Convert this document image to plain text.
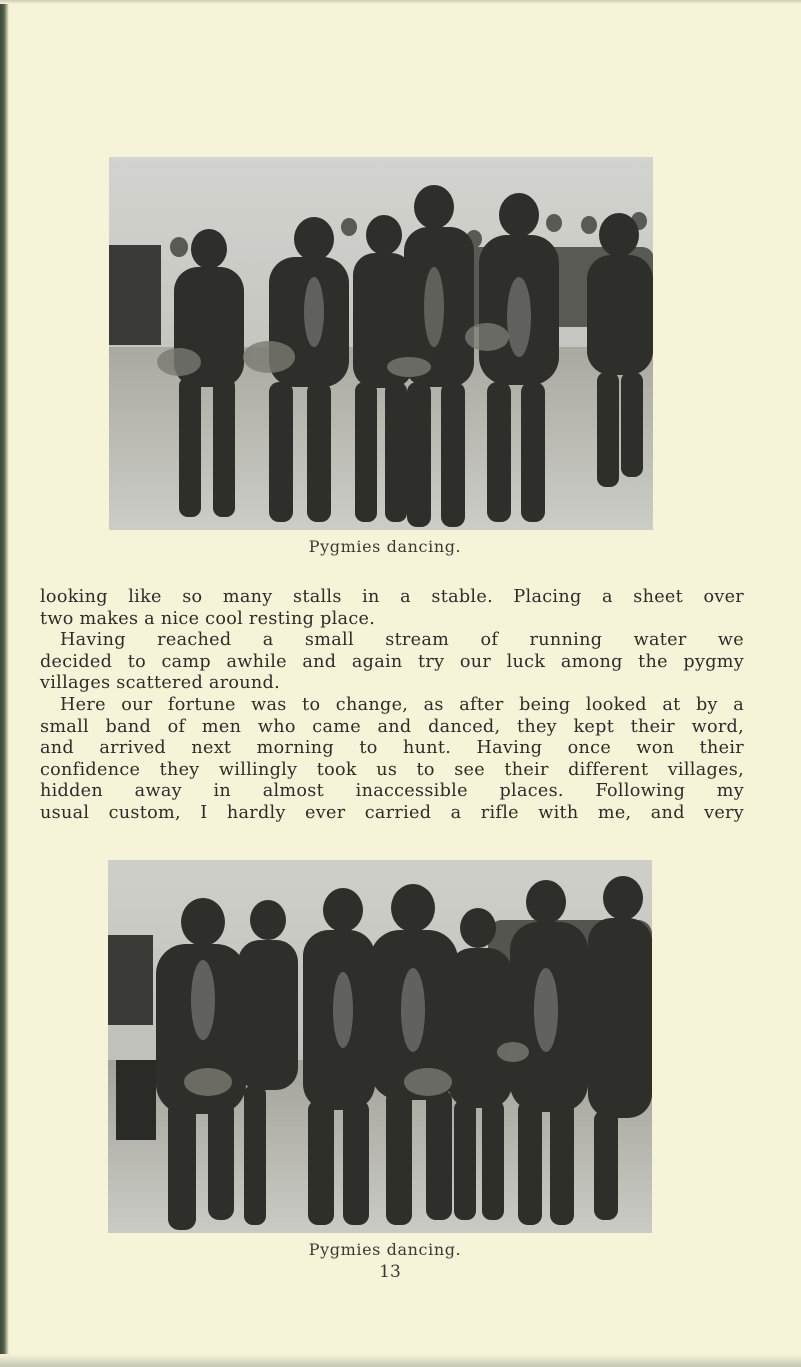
Pygmies dancing.

looking like so many stalls in a stable. Placing a sheet over

two makes a nice cool resting place.

Having reached a small stream of running water we

decided to camp awhile and again try our luck among the pygmy

villages scattered around.

Here our fortune was to change, as after being looked at by a

small band of men who came and danced, they kept their word,

and arrived next morning to hunt. Having once won their

confidence they willingly took us to see their different villages,

hidden away in almost inaccessible places. Following my

usual custom, I hardly ever carried a rifle with me, and very

Pygmies dancing.
13
